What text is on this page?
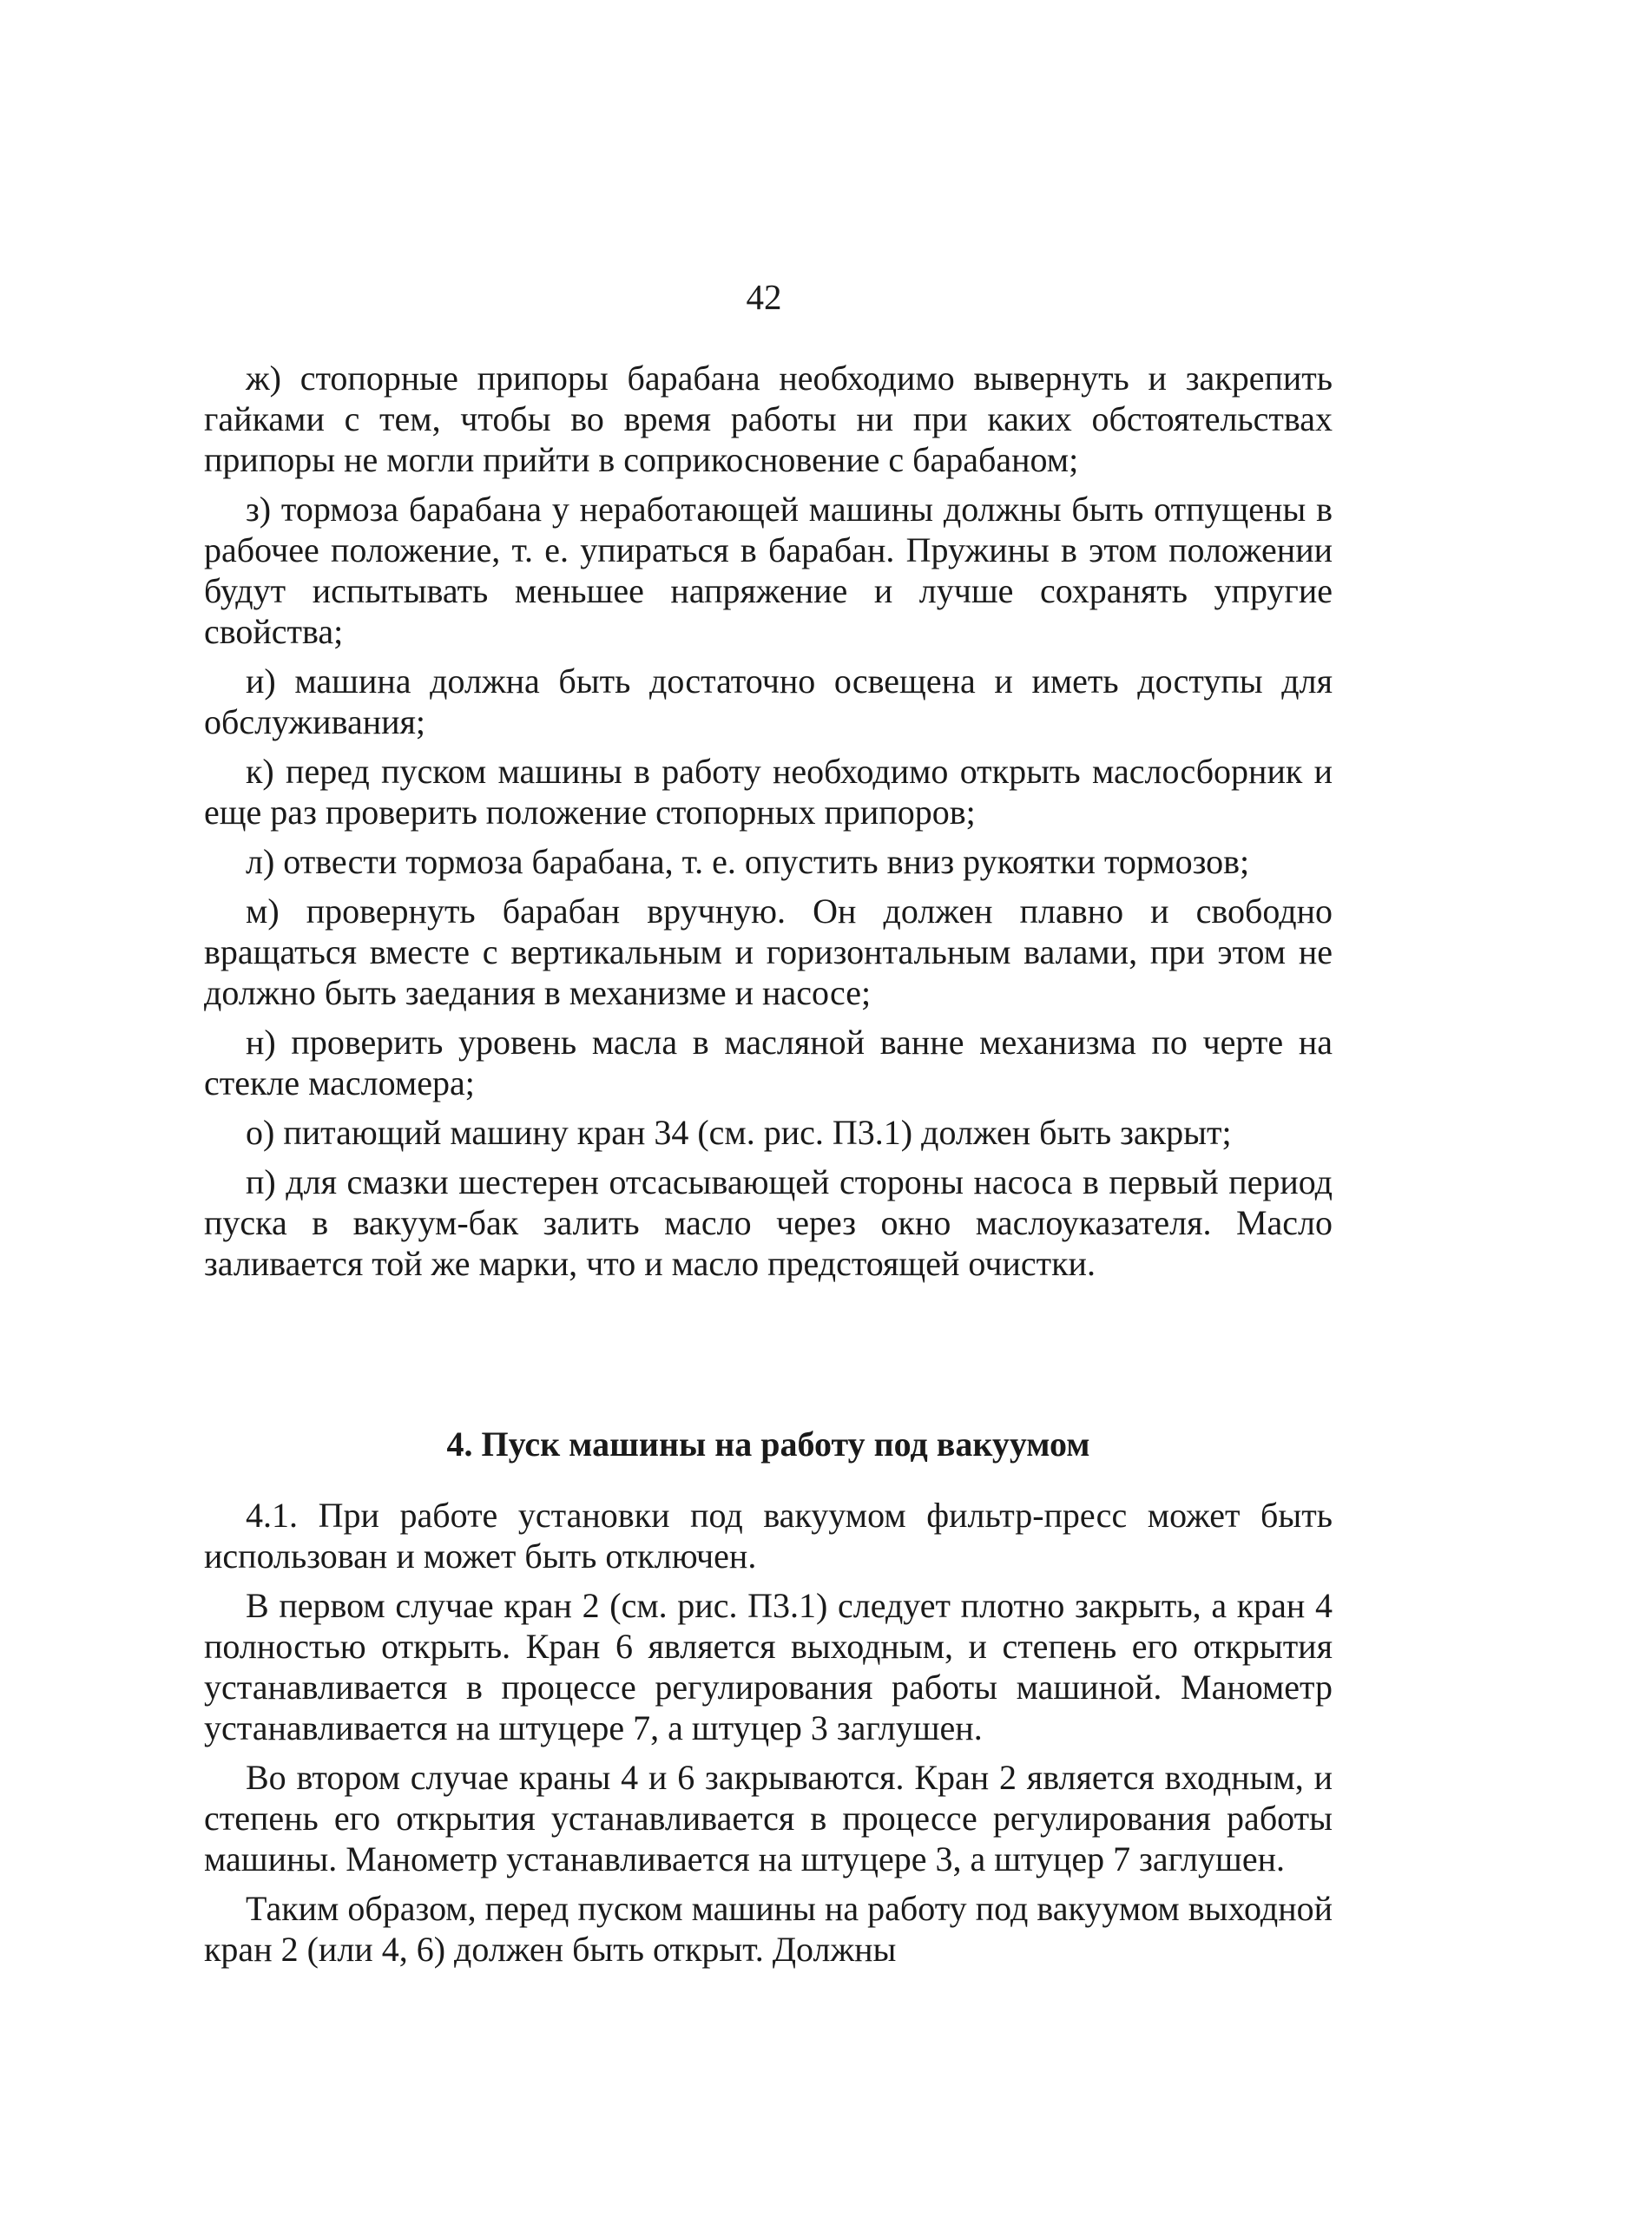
42

ж) стопорные припоры барабана необходимо вывернуть и закрепить гайками с тем, чтобы во время работы ни при каких обстоятельствах припоры не могли прийти в соприкосновение с барабаном;

з) тормоза барабана у неработающей машины должны быть отпущены в рабочее положение, т. е. упираться в барабан. Пружины в этом положении будут испытывать меньшее напряжение и лучше сохранять упругие свойства;

и) машина должна быть достаточно освещена и иметь доступы для обслуживания;

к) перед пуском машины в работу необходимо открыть маслосборник и еще раз проверить положение стопорных припоров;

л) отвести тормоза барабана, т. е. опустить вниз рукоятки тормозов;

м) провернуть барабан вручную. Он должен плавно и свободно вращаться вместе с вертикальным и горизонтальным валами, при этом не должно быть заедания в механизме и насосе;

н) проверить уровень масла в масляной ванне механизма по черте на стекле масломера;

о) питающий машину кран 34 (см. рис. П3.1) должен быть закрыт;

п) для смазки шестерен отсасывающей стороны насоса в первый период пуска в вакуум-бак залить масло через окно маслоуказателя. Масло заливается той же марки, что и масло предстоящей очистки.

4. Пуск машины на работу под вакуумом

4.1. При работе установки под вакуумом фильтр-пресс может быть использован и может быть отключен.

В первом случае кран 2 (см. рис. П3.1) следует плотно закрыть, а кран 4 полностью открыть. Кран 6 является выходным, и степень его открытия устанавливается в процессе регулирования работы машиной. Манометр устанавливается на штуцере 7, а штуцер 3 заглушен.

Во втором случае краны 4 и 6 закрываются. Кран 2 является входным, и степень его открытия устанавливается в процессе регулирования работы машины. Манометр устанавливается на штуцере 3, а штуцер 7 заглушен.

Таким образом, перед пуском машины на работу под вакуумом выходной кран 2 (или 4, 6) должен быть открыт. Должны
